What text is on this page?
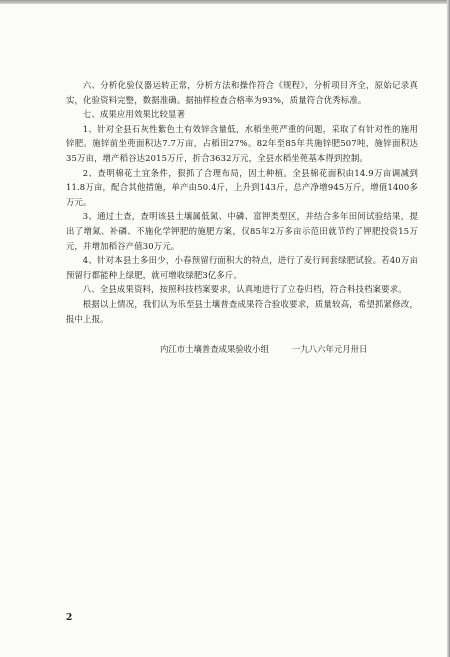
六、分析化验仪器运转正常，分析方法和操作符合《规程》，分析项目齐全，原始记录真实，化验资料完整，数据准确。据抽样检查合格率为93%，质量符合优秀标准。

七、成果应用效果比较显著

1、针对全县石灰性紫色土有效锌含量低，水稻坐蔸严重的问题，采取了有针对性的施用锌肥。施锌前坐蔸面积达7.7万亩，占稻田27%。82年至85年共施锌肥507吨，施锌面积达35万亩，增产稻谷达2015万斤，折合3632万元，全县水稻坐蔸基本得到控制。

2、查明棉花土宜条件，狠抓了合理布局，因土种植。全县棉花面积由14.9万亩调减到11.8万亩，配合其他措施，单产由50.4斤，上升到143斤，总产净增945万斤，增值1400多万元。

3、通过土查，查明该县土壤属低氮、中磷、富钾类型区，并结合多年田间试验结果，提出了增氮、补磷、不施化学钾肥的施肥方案，仅85年2万多亩示范田就节约了钾肥投资15万元，并增加稻谷产值30万元。

4、针对本县土多田少，小春预留行面积大的特点，进行了麦行间套绿肥试验。若40万亩预留行都能种上绿肥，就可增收绿肥3亿多斤。

八、全县成果资料，按照科技档案要求，认真地进行了立卷归档，符合科技档案要求。

根据以上情况，我们认为乐至县土壤普查成果符合验收要求，质量较高，希望抓紧修改，报中上报。

内江市土壤普查成果验收小组	一九八六年元月卅日
2
